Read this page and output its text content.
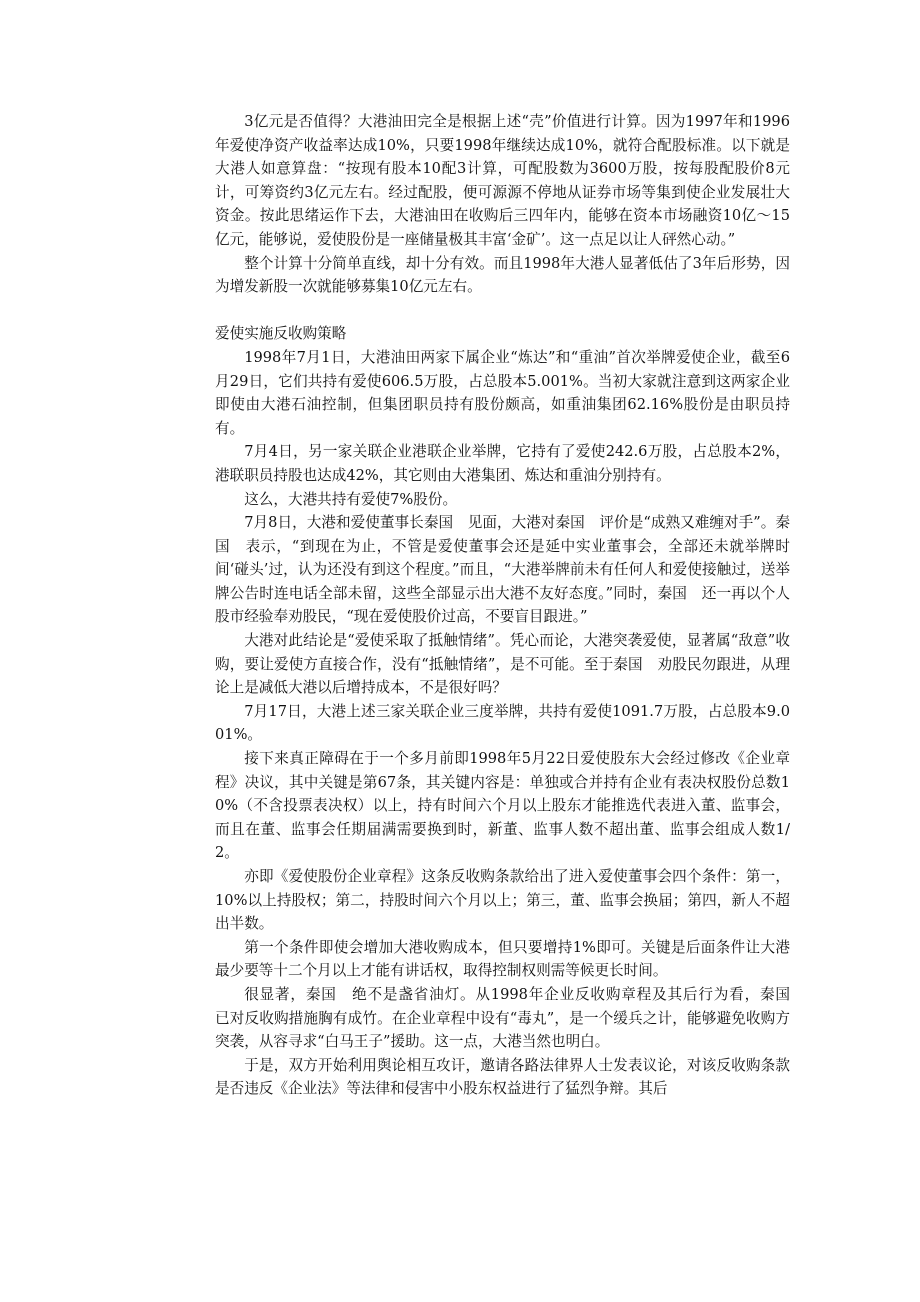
3亿元是否值得？大港油田完全是根据上述“壳”价值进行计算。因为1997年和1996年爱使净资产收益率达成10%，只要1998年继续达成10%，就符合配股标准。以下就是大港人如意算盘：“按现有股本10配3计算，可配股数为3600万股，按每股配股价8元计，可筹资约3亿元左右。经过配股，便可源源不停地从证券市场等集到使企业发展壮大资金。按此思绪运作下去，大港油田在收购后三四年内，能够在资本市场融资10亿～15亿元，能够说，爱使股份是一座储量极其丰富‘金矿’。这一点足以让人砰然心动。”

整个计算十分简单直线，却十分有效。而且1998年大港人显著低估了3年后形势，因为增发新股一次就能够募集10亿元左右。

爱使实施反收购策略

1998年7月1日，大港油田两家下属企业“炼达”和“重油”首次举牌爱使企业，截至6月29日，它们共持有爱使606.5万股，占总股本5.001%。当初大家就注意到这两家企业即使由大港石油控制，但集团职员持有股份颇高，如重油集团62.16%股份是由职员持有。

7月4日，另一家关联企业港联企业举牌，它持有了爱使242.6万股，占总股本2%，港联职员持股也达成42%，其它则由大港集团、炼达和重油分别持有。

这么，大港共持有爱使7%股份。

7月8日，大港和爱使董事长秦国　见面，大港对秦国　评价是“成熟又难缠对手”。秦国　表示，“到现在为止，不管是爱使董事会还是延中实业董事会，全部还未就举牌时间‘碰头’过，认为还没有到这个程度。”而且，“大港举牌前未有任何人和爱使接触过，送举牌公告时连电话全部未留，这些全部显示出大港不友好态度。”同时，秦国　还一再以个人股市经验奉劝股民，“现在爱使股价过高，不要盲目跟进。”

大港对此结论是“爱使采取了抵触情绪”。凭心而论，大港突袭爱使，显著属“敌意”收购，要让爱使方直接合作，没有“抵触情绪”，是不可能。至于秦国　劝股民勿跟进，从理论上是减低大港以后增持成本，不是很好吗？

7月17日，大港上述三家关联企业三度举牌，共持有爱使1091.7万股，占总股本9.001%。

接下来真正障碍在于一个多月前即1998年5月22日爱使股东大会经过修改《企业章程》决议，其中关键是第67条，其关键内容是：单独或合并持有企业有表决权股份总数10%（不含投票表决权）以上，持有时间六个月以上股东才能推选代表进入董、监事会，而且在董、监事会任期届满需要换到时，新董、监事人数不超出董、监事会组成人数1/2。

亦即《爱使股份企业章程》这条反收购条款给出了进入爱使董事会四个条件：第一，10%以上持股权；第二，持股时间六个月以上；第三，董、监事会换届；第四，新人不超出半数。

第一个条件即使会增加大港收购成本，但只要增持1%即可。关键是后面条件让大港最少要等十二个月以上才能有讲话权，取得控制权则需等候更长时间。

很显著，秦国　绝不是盏省油灯。从1998年企业反收购章程及其后行为看，秦国　已对反收购措施胸有成竹。在企业章程中设有“毒丸”，是一个缓兵之计，能够避免收购方突袭，从容寻求“白马王子”援助。这一点，大港当然也明白。

于是，双方开始利用舆论相互攻讦，邀请各路法律界人士发表议论，对该反收购条款是否违反《企业法》等法律和侵害中小股东权益进行了猛烈争辩。其后
